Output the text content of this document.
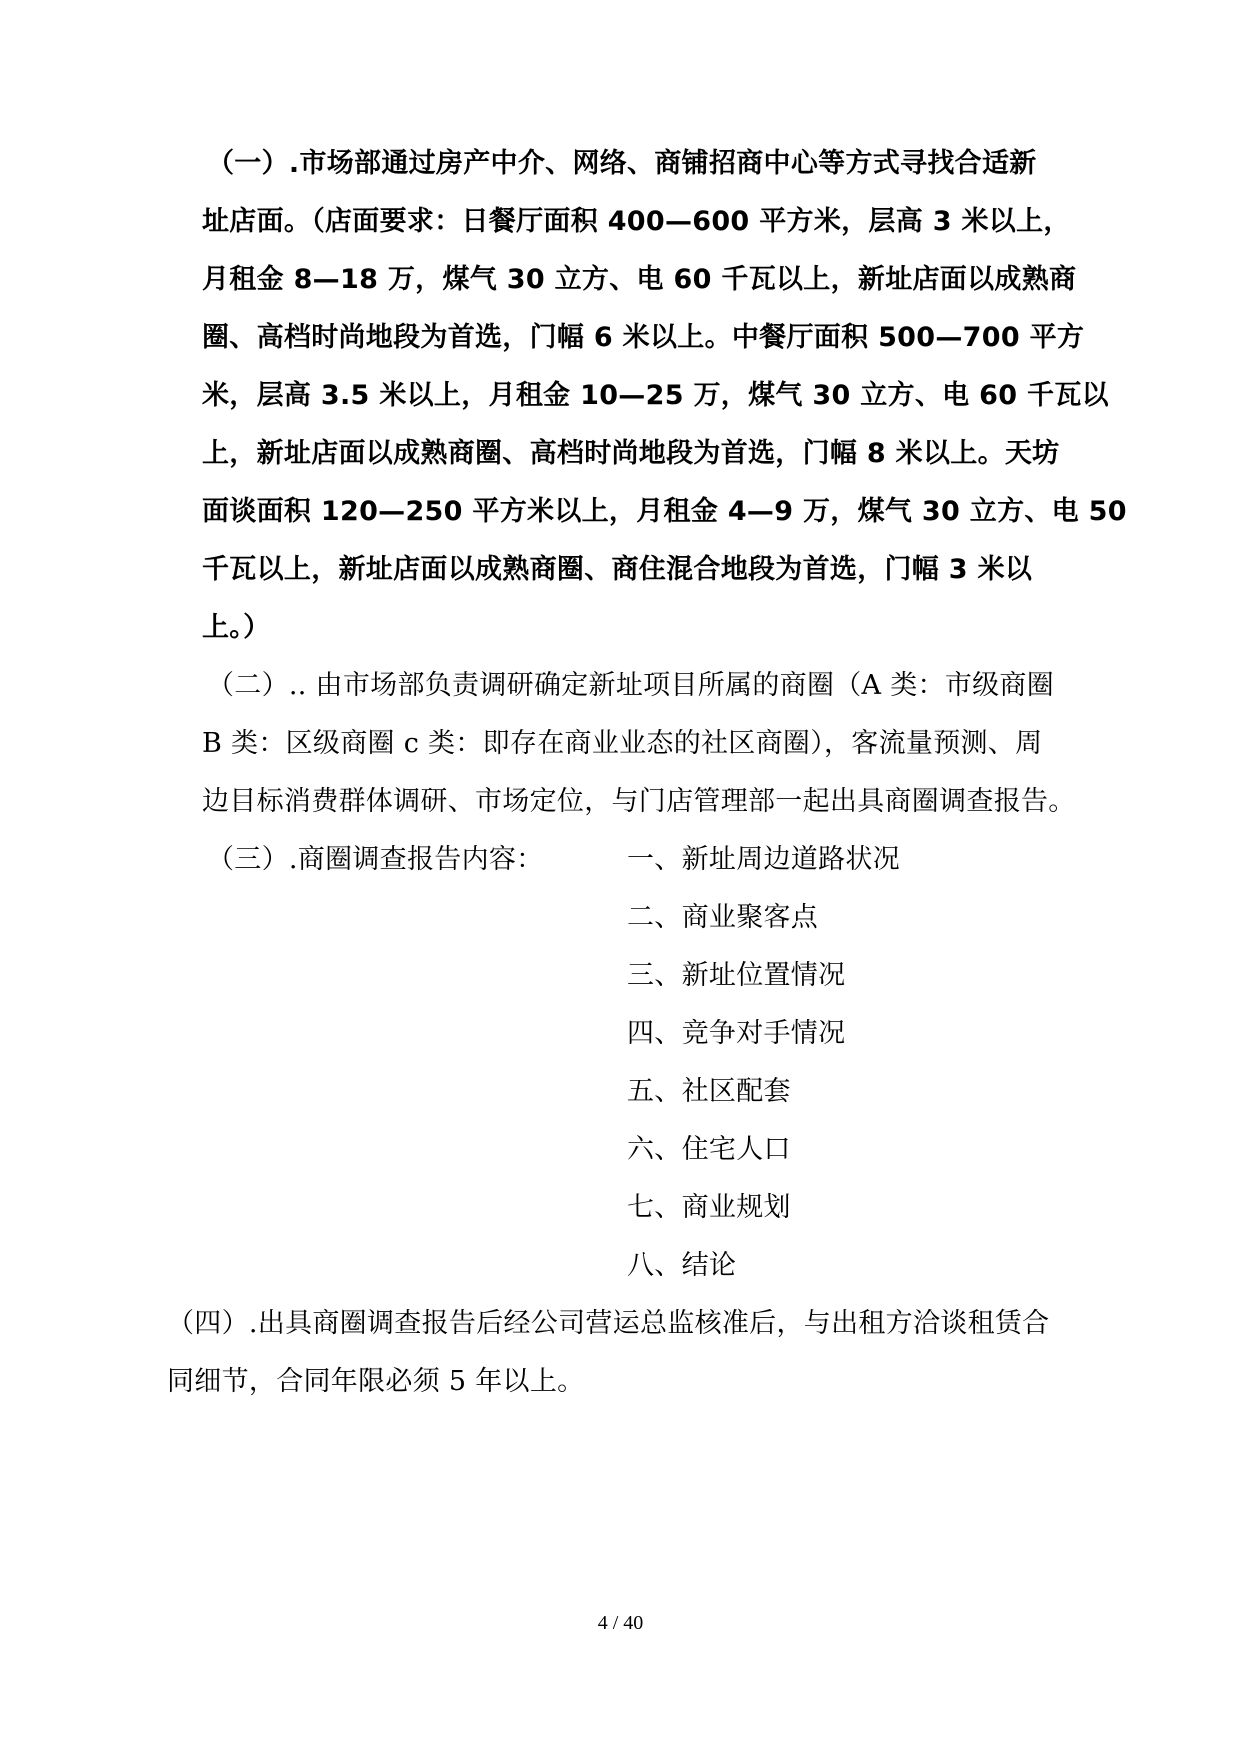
（一）.市场部通过房产中介、网络、商铺招商中心等方式寻找合适新
址店面。（店面要求：日餐厅面积 400—600 平方米，层高 3 米以上，
月租金 8—18 万，煤气 30 立方、电 60 千瓦以上，新址店面以成熟商
圈、高档时尚地段为首选，门幅 6 米以上。中餐厅面积 500—700 平方
米，层高 3.5 米以上，月租金 10—25 万，煤气 30 立方、电 60 千瓦以
上，新址店面以成熟商圈、高档时尚地段为首选，门幅 8 米以上。天坊
面谈面积 120—250 平方米以上，月租金 4—9 万，煤气 30 立方、电 50
千瓦以上，新址店面以成熟商圈、商住混合地段为首选，门幅 3 米以
上。）
（二）.. 由市场部负责调研确定新址项目所属的商圈（A 类：市级商圈
B 类：区级商圈 c 类：即存在商业业态的社区商圈），客流量预测、周
边目标消费群体调研、市场定位，与门店管理部一起出具商圈调查报告。
（三）.商圈调查报告内容：	一、新址周边道路状况
二、商业聚客点
三、新址位置情况
四、竞争对手情况
五、社区配套
六、住宅人口
七、商业规划
八、结论
（四）.出具商圈调查报告后经公司营运总监核准后，与出租方洽谈租赁合
同细节，合同年限必须 5 年以上。
4 / 40
